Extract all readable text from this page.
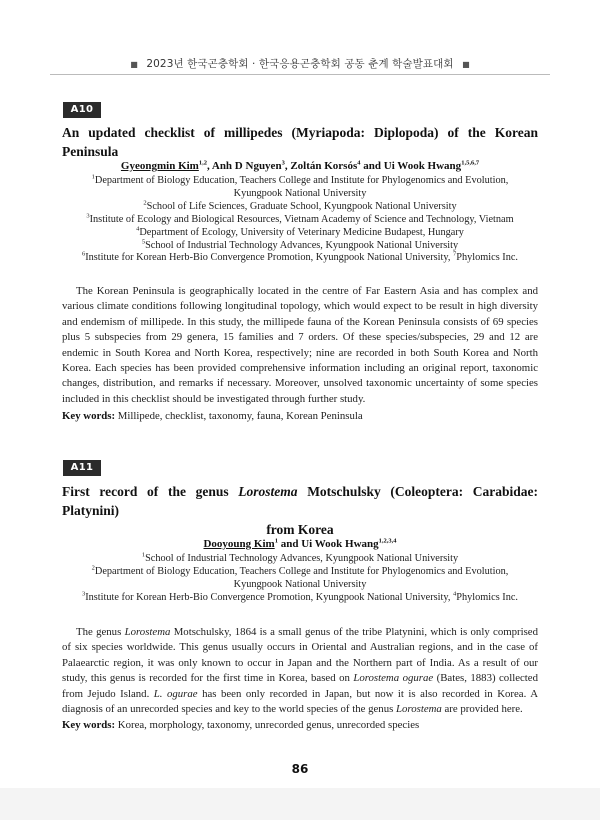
■ 2023년 한국곤충학회 · 한국응용곤충학회 공동 춘계 학술발표대회 ■
A10
An updated checklist of millipedes (Myriapoda: Diplopoda) of the Korean Peninsula
Gyeongmin Kim$^{1,2}$, Anh D Nguyen$^3$, Zoltán Korsós$^4$ and Ui Wook Hwang$^{1,5,6,7}$
$^1$Department of Biology Education, Teachers College and Institute for Phylogenomics and Evolution,
Kyungpook National University
$^2$School of Life Sciences, Graduate School, Kyungpook National University
$^3$Institute of Ecology and Biological Resources, Vietnam Academy of Science and Technology, Vietnam
$^4$Department of Ecology, University of Veterinary Medicine Budapest, Hungary
$^5$School of Industrial Technology Advances, Kyungpook National University
$^6$Institute for Korean Herb-Bio Convergence Promotion, Kyungpook National University, $^7$Phylomics Inc.
The Korean Peninsula is geographically located in the centre of Far Eastern Asia and has complex and various climate conditions following longitudinal topology, which would expect to be result in high diversity and endemism of millipede. In this study, the millipede fauna of the Korean Peninsula consists of 69 species plus 5 subspecies from 29 genera, 15 families and 7 orders. Of these species/subspecies, 29 and 12 are endemic in South Korea and North Korea, respectively; nine are recorded in both South Korea and North Korea. Each species has been provided comprehensive information including an original report, taxonomic changes, distribution, and remarks if necessary. Moreover, unsolved taxonomic uncertainty of some species included in this checklist should be investigated through further study.
Key words: Millipede, checklist, taxonomy, fauna, Korean Peninsula
A11
First record of the genus Lorostema Motschulsky (Coleoptera: Carabidae: Platynini)
from Korea
Dooyoung Kim$^1$ and Ui Wook Hwang$^{1,2,3,4}$
$^1$School of Industrial Technology Advances, Kyungpook National University
$^2$Department of Biology Education, Teachers College and Institute for Phylogenomics and Evolution,
Kyungpook National University
$^3$Institute for Korean Herb-Bio Convergence Promotion, Kyungpook National University, $^4$Phylomics Inc.
The genus Lorostema Motschulsky, 1864 is a small genus of the tribe Platynini, which is only comprised of six species worldwide. This genus usually occurs in Oriental and Australian regions, and in the case of Palaearctic region, it was only known to occur in Japan and the Northern part of India. As a result of our study, this genus is recorded for the first time in Korea, based on Lorostema ogurae (Bates, 1883) collected from Jejudo Island. L. ogurae has been only recorded in Japan, but now it is also recorded in Korea. A diagnosis of an unrecorded species and key to the world species of the genus Lorostema are provided here.
Key words: Korea, morphology, taxonomy, unrecorded genus, unrecorded species
86
